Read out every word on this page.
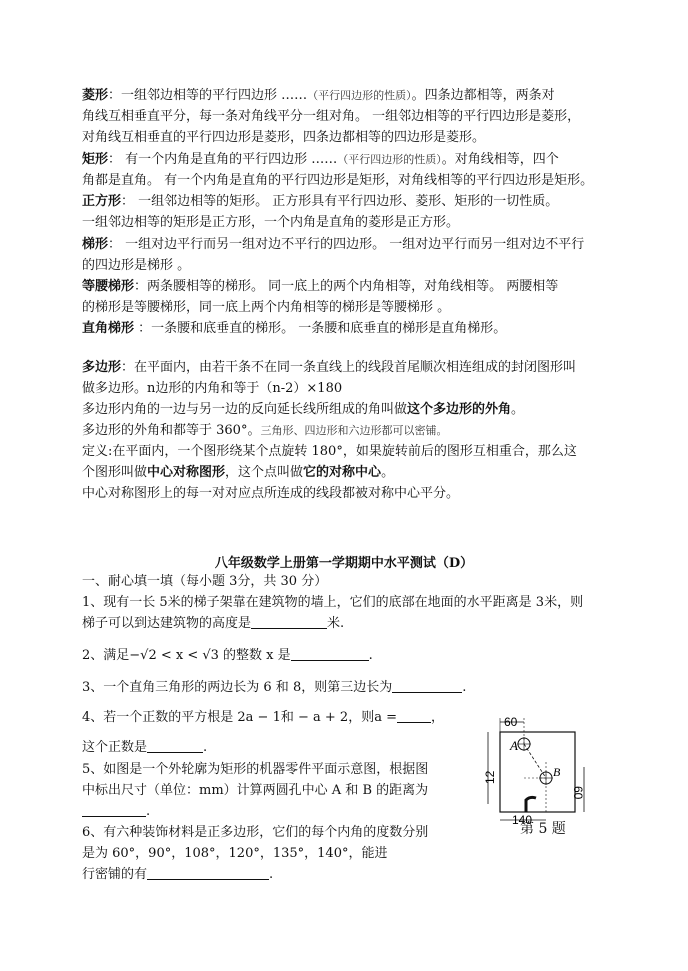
菱形：一组邻边相等的平行四边形 ……（平行四边形的性质）。四条边都相等，两条对
角线互相垂直平分，每一条对角线平分一组对角。 一组邻边相等的平行四边形是菱形，
对角线互相垂直的平行四边形是菱形，四条边都相等的四边形是菱形。
矩形： 有一个内角是直角的平行四边形 ……（平行四边形的性质）。对角线相等，四个
角都是直角。 有一个内角是直角的平行四边形是矩形，对角线相等的平行四边形是矩形。
正方形： 一组邻边相等的矩形。 正方形具有平行四边形、菱形、矩形的一切性质。
一组邻边相等的矩形是正方形，一个内角是直角的菱形是正方形。
梯形： 一组对边平行而另一组对边不平行的四边形。 一组对边平行而另一组对边不平行
的四边形是梯形 。
等腰梯形：两条腰相等的梯形。 同一底上的两个内角相等，对角线相等。 两腰相等
的梯形是等腰梯形，同一底上两个内角相等的梯形是等腰梯形 。
直角梯形 ：一条腰和底垂直的梯形。 一条腰和底垂直的梯形是直角梯形。
多边形：在平面内，由若干条不在同一条直线上的线段首尾顺次相连组成的封闭图形叫
做多边形。n边形的内角和等于（n-2）×180
多边形内角的一边与另一边的反向延长线所组成的角叫做这个多边形的外角。
多边形的外角和都等于 360°。三角形、四边形和六边形都可以密铺。
定义:在平面内，一个图形绕某个点旋转 180°，如果旋转前后的图形互相重合，那么这
个图形叫做中心对称图形，这个点叫做它的对称中心。
中心对称图形上的每一对对应点所连成的线段都被对称中心平分。
八年级数学上册第一学期期中水平测试（D）
一、耐心填一填（每小题 3分，共 30 分）
1、现有一长 5米的梯子架靠在建筑物的墙上，它们的底部在地面的水平距离是 3米，则
梯子可以到达建筑物的高度是	米.
2、满足−√2 < x < √3 的整数 x 是	.
3、一个直角三角形的两边长为 6 和 8，则第三边长为	.
4、若一个正数的平方根是 2a − 1和 − a + 2，则a =	，
这个正数是	.
5、如图是一个外轮廓为矩形的机器零件平面示意图，根据图
中标出尺寸（单位：mm）计算两圆孔中心 A 和 B 的距离为
.
6、有六种装饰材料是正多边形，它们的每个内角的度数分别
是为 60°，90°，108°，120°，135°，140°，能进
行密铺的有	.
60
12
60
140
A
B
第 5 题
